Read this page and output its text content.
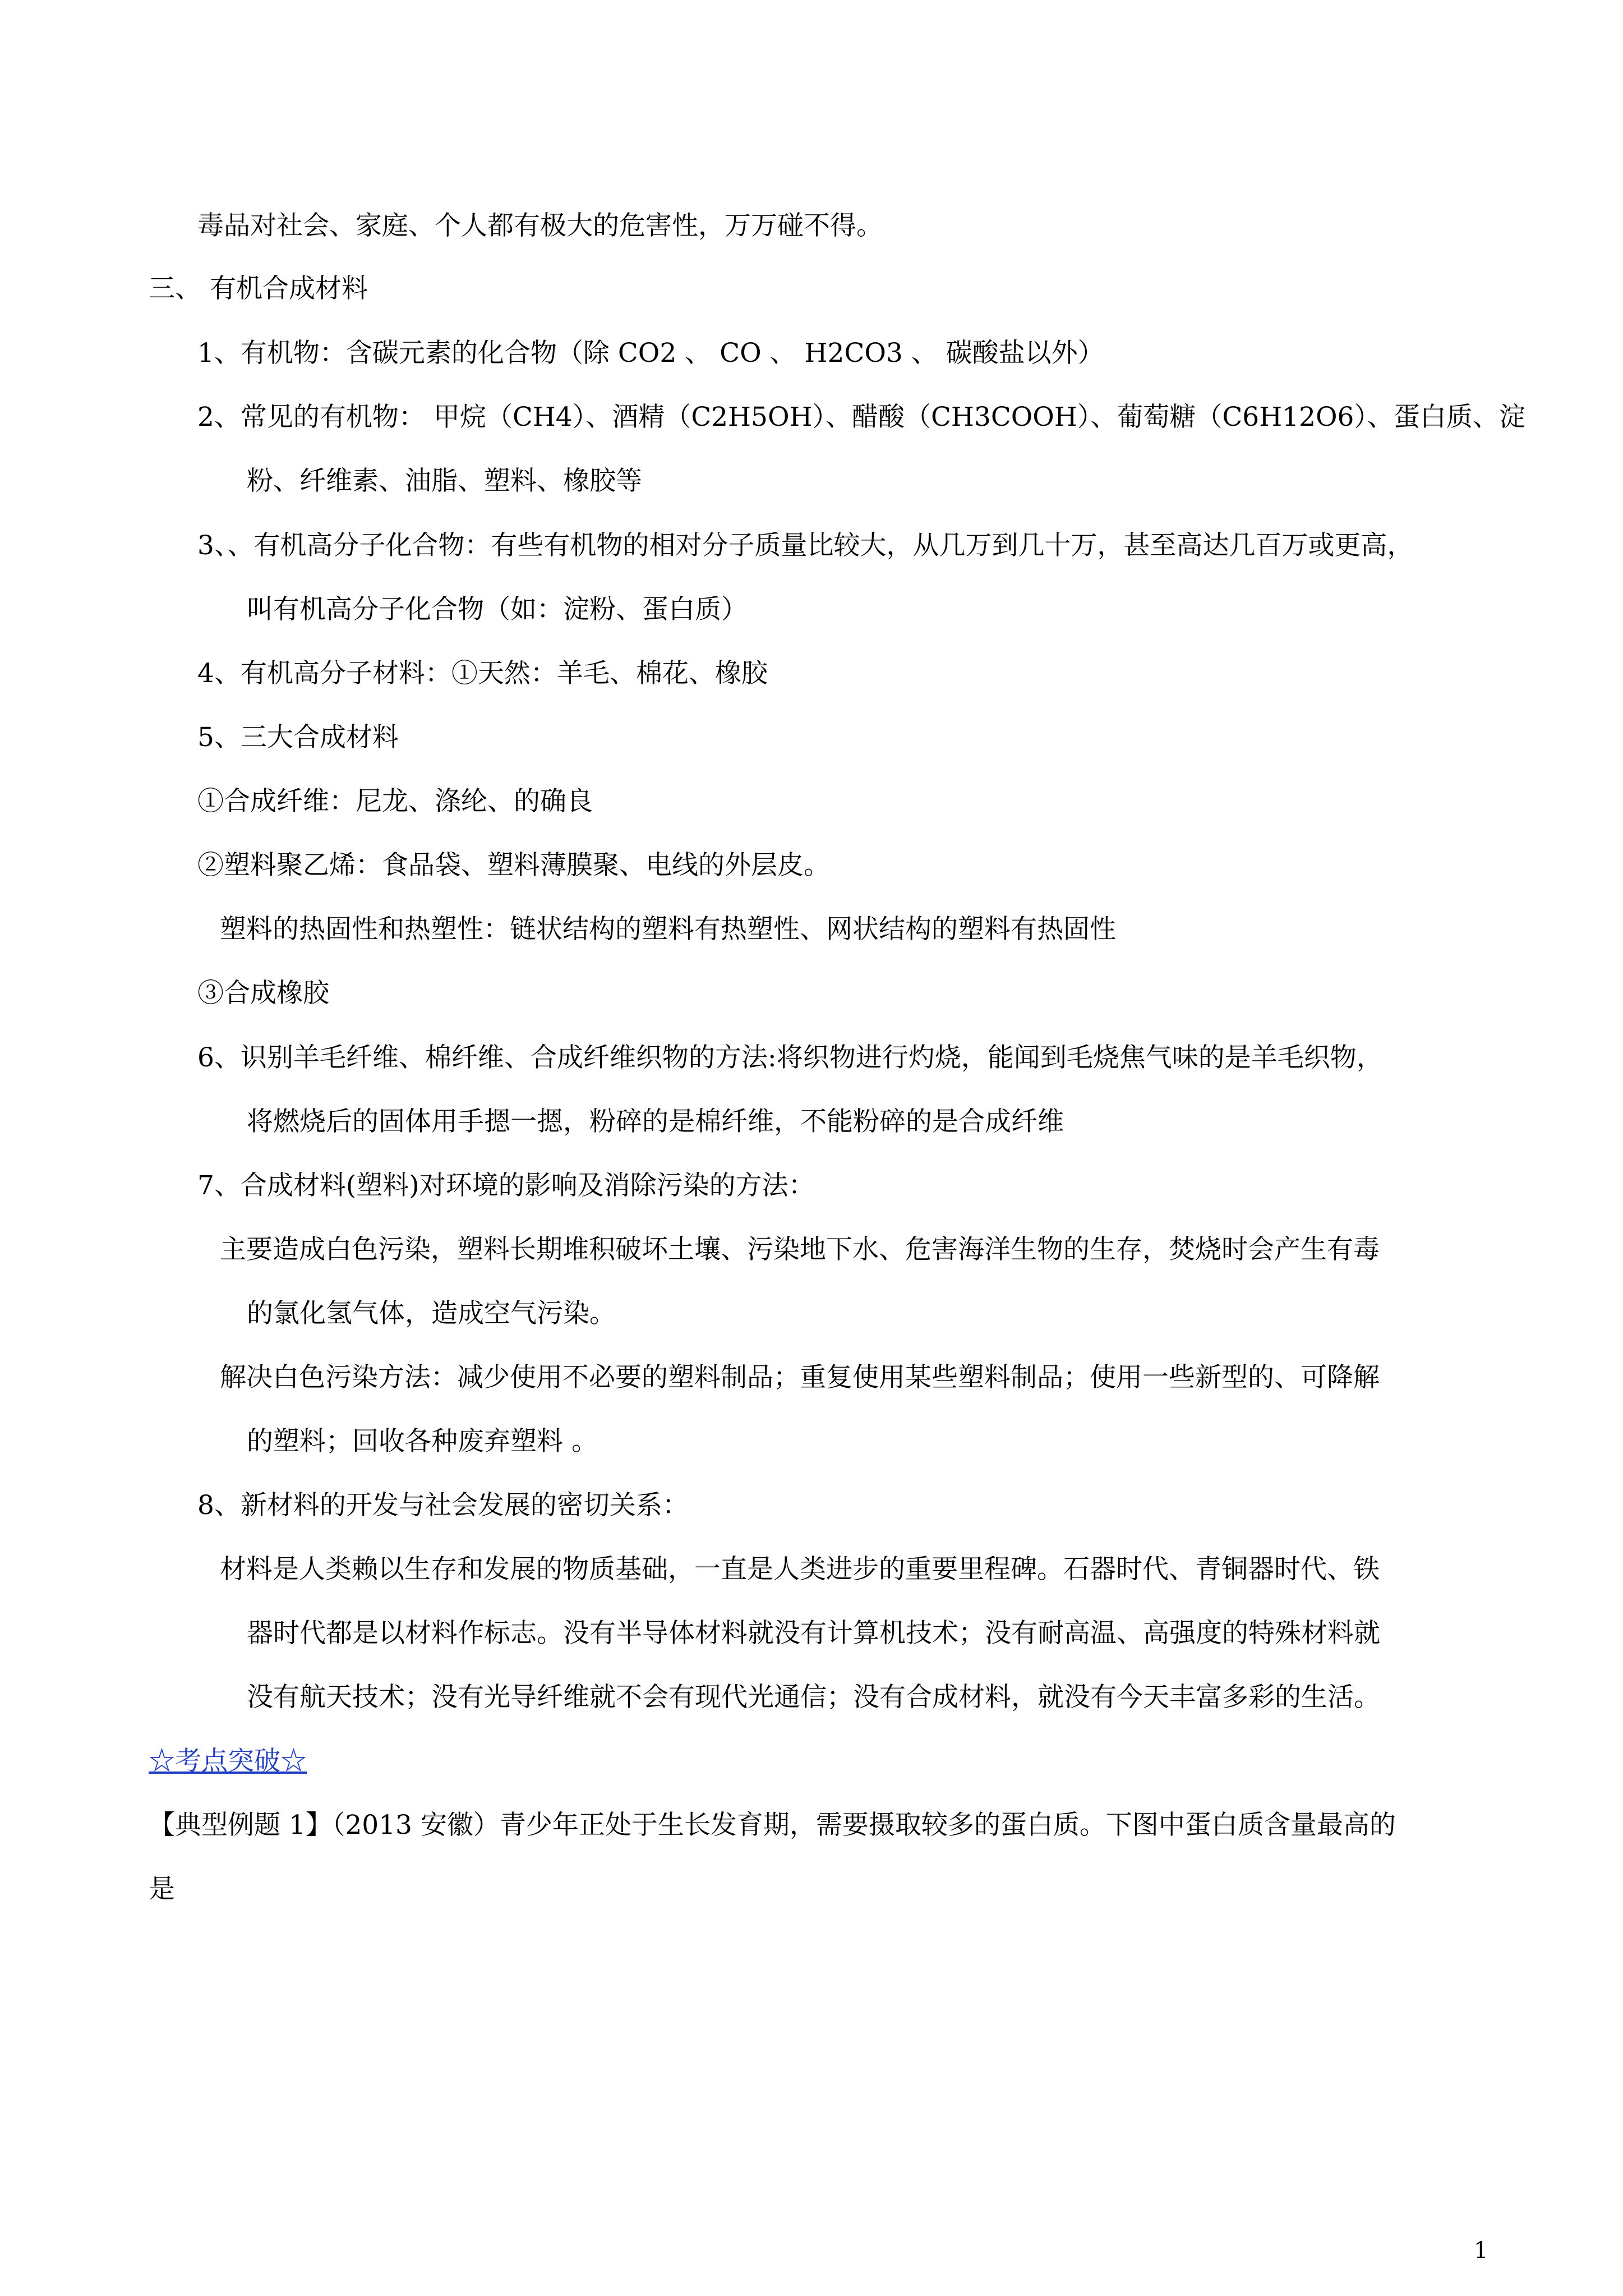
毒品对社会、家庭、个人都有极大的危害性，万万碰不得。
三、 有机合成材料
1、有机物：含碳元素的化合物（除 CO2 、 CO 、 H2CO3 、 碳酸盐以外）
2、常见的有机物： 甲烷（CH4）、酒精（C2H5OH）、醋酸（CH3COOH）、葡萄糖（C6H12O6）、蛋白质、淀
粉、纤维素、油脂、塑料、橡胶等
3、、有机高分子化合物：有些有机物的相对分子质量比较大，从几万到几十万，甚至高达几百万或更高，
叫有机高分子化合物（如：淀粉、蛋白质）
4、有机高分子材料：①天然：羊毛、棉花、橡胶
5、三大合成材料
①合成纤维：尼龙、涤纶、的确良
②塑料聚乙烯：食品袋、塑料薄膜聚、电线的外层皮。
塑料的热固性和热塑性：链状结构的塑料有热塑性、网状结构的塑料有热固性
③合成橡胶
6、识别羊毛纤维、棉纤维、合成纤维织物的方法:将织物进行灼烧，能闻到毛烧焦气味的是羊毛织物，
将燃烧后的固体用手摁一摁，粉碎的是棉纤维，不能粉碎的是合成纤维
7、合成材料(塑料)对环境的影响及消除污染的方法：
主要造成白色污染，塑料长期堆积破坏土壤、污染地下水、危害海洋生物的生存，焚烧时会产生有毒
的氯化氢气体，造成空气污染。
解决白色污染方法：减少使用不必要的塑料制品；重复使用某些塑料制品；使用一些新型的、可降解
的塑料；回收各种废弃塑料 。
8、新材料的开发与社会发展的密切关系：
材料是人类赖以生存和发展的物质基础，一直是人类进步的重要里程碑。石器时代、青铜器时代、铁
器时代都是以材料作标志。没有半导体材料就没有计算机技术；没有耐高温、高强度的特殊材料就
没有航天技术；没有光导纤维就不会有现代光通信；没有合成材料，就没有今天丰富多彩的生活。
☆考点突破☆
【典型例题 1】（2013 安徽）青少年正处于生长发育期，需要摄取较多的蛋白质。下图中蛋白质含量最高的
是
1
